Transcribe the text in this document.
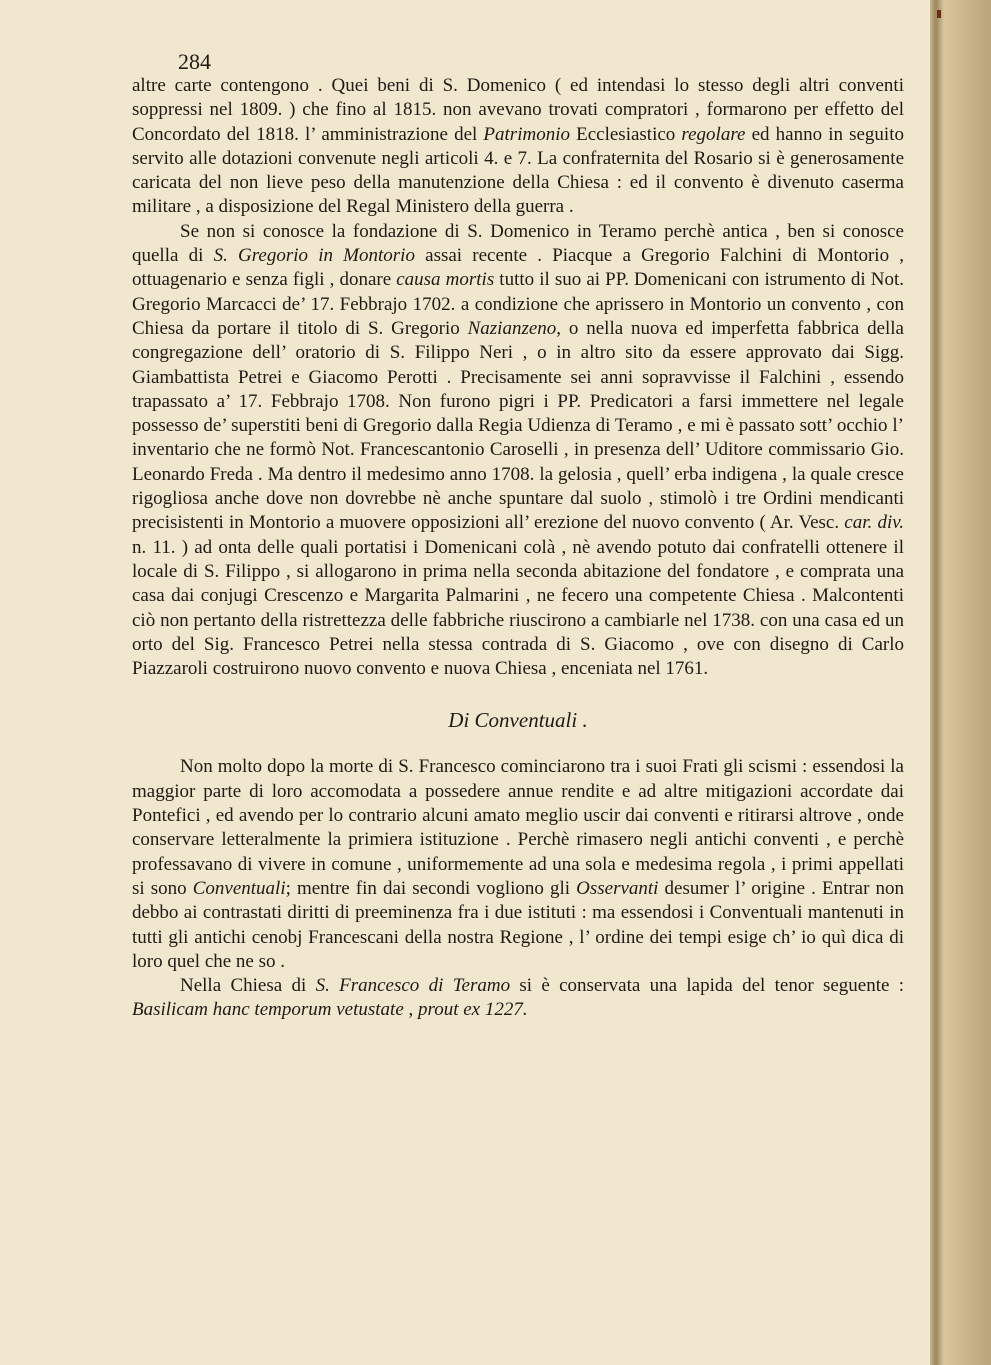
284

altre carte contengono . Quei beni di S. Domenico ( ed intendasi lo stesso degli altri conventi soppressi nel 1809. ) che fino al 1815. non avevano trovati compratori , formarono per effetto del Concordato del 1818. l’ amministrazione del Patrimonio Ecclesiastico regolare ed hanno in seguito servito alle dotazioni convenute negli articoli 4. e 7. La confraternita del Rosario si è generosamente caricata del non lieve peso della manutenzione della Chiesa : ed il convento è divenuto caserma militare , a disposizione del Regal Ministero della guerra .

Se non si conosce la fondazione di S. Domenico in Teramo perchè antica , ben si conosce quella di S. Gregorio in Montorio assai recente . Piacque a Gregorio Falchini di Montorio , ottuagenario e senza figli , donare causa mortis tutto il suo ai PP. Domenicani con istrumento di Not. Gregorio Marcacci de’ 17. Febbrajo 1702. a condizione che aprissero in Montorio un convento , con Chiesa da portare il titolo di S. Gregorio Nazianzeno, o nella nuova ed imperfetta fabbrica della congregazione dell’ oratorio di S. Filippo Neri , o in altro sito da essere approvato dai Sigg. Giambattista Petrei e Giacomo Perotti . Precisamente sei anni sopravvisse il Falchini , essendo trapassato a’ 17. Febbrajo 1708. Non furono pigri i PP. Predicatori a farsi immettere nel legale possesso de’ superstiti beni di Gregorio dalla Regia Udienza di Teramo , e mi è passato sott’ occhio l’ inventario che ne formò Not. Francescantonio Caroselli , in presenza dell’ Uditore commissario Gio. Leonardo Freda . Ma dentro il medesimo anno 1708. la gelosia , quell’ erba indigena , la quale cresce rigogliosa anche dove non dovrebbe nè anche spuntare dal suolo , stimolò i tre Ordini mendicanti precisistenti in Montorio a muovere opposizioni all’ erezione del nuovo convento ( Ar. Vesc. car. div. n. 11. ) ad onta delle quali portatisi i Domenicani colà , nè avendo potuto dai confratelli ottenere il locale di S. Filippo , si allogarono in prima nella seconda abitazione del fondatore , e comprata una casa dai conjugi Crescenzo e Margarita Palmarini , ne fecero una competente Chiesa . Malcontenti ciò non pertanto della ristrettezza delle fabbriche riuscirono a cambiarle nel 1738. con una casa ed un orto del Sig. Francesco Petrei nella stessa contrada di S. Giacomo , ove con disegno di Carlo Piazzaroli costruirono nuovo convento e nuova Chiesa , enceniata nel 1761.

Di Conventuali .

Non molto dopo la morte di S. Francesco cominciarono tra i suoi Frati gli scismi : essendosi la maggior parte di loro accomodata a possedere annue rendite e ad altre mitigazioni accordate dai Pontefici , ed avendo per lo contrario alcuni amato meglio uscir dai conventi e ritirarsi altrove , onde conservare letteralmente la primiera istituzione . Perchè rimasero negli antichi conventi , e perchè professavano di vivere in comune , uniformemente ad una sola e medesima regola , i primi appellati si sono Conventuali; mentre fin dai secondi vogliono gli Osservanti desumer l’ origine . Entrar non debbo ai contrastati diritti di preeminenza fra i due istituti : ma essendosi i Conventuali mantenuti in tutti gli antichi cenobj Francescani della nostra Regione , l’ ordine dei tempi esige ch’ io quì dica di loro quel che ne so .

Nella Chiesa di S. Francesco di Teramo si è conservata una lapida del tenor seguente : Basilicam hanc temporum vetustate , prout ex 1227.
